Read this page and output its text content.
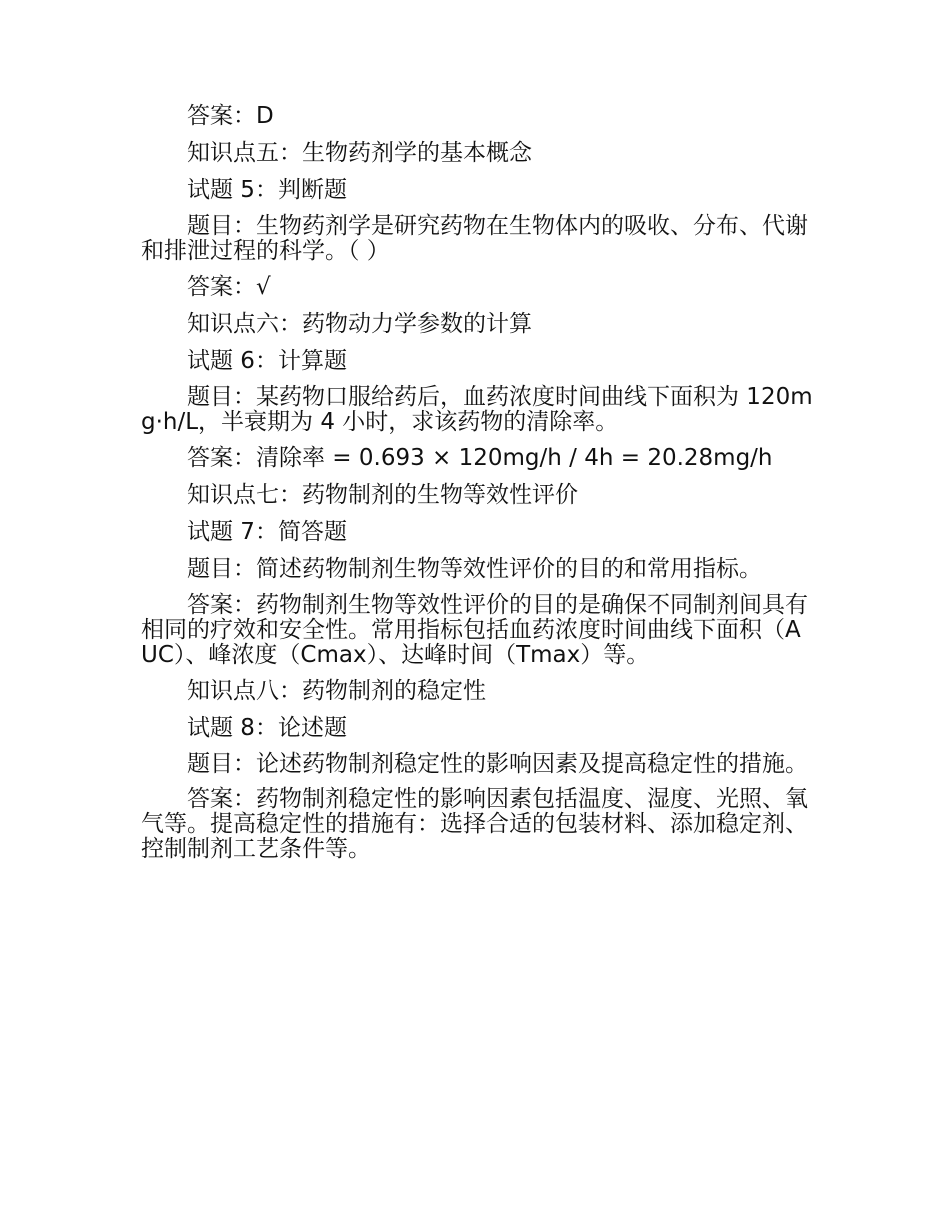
答案：D

知识点五：生物药剂学的基本概念

试题 5：判断题

题目：生物药剂学是研究药物在生物体内的吸收、分布、代谢和排泄过程的科学。（ ）

答案：√

知识点六：药物动力学参数的计算

试题 6：计算题

题目：某药物口服给药后，血药浓度时间曲线下面积为 120mg·h/L，半衰期为 4 小时，求该药物的清除率。

答案：清除率 = 0.693 × 120mg/h / 4h = 20.28mg/h

知识点七：药物制剂的生物等效性评价

试题 7：简答题

题目：简述药物制剂生物等效性评价的目的和常用指标。

答案：药物制剂生物等效性评价的目的是确保不同制剂间具有相同的疗效和安全性。常用指标包括血药浓度时间曲线下面积（AUC）、峰浓度（Cmax）、达峰时间（Tmax）等。

知识点八：药物制剂的稳定性

试题 8：论述题

题目：论述药物制剂稳定性的影响因素及提高稳定性的措施。

答案：药物制剂稳定性的影响因素包括温度、湿度、光照、氧气等。提高稳定性的措施有：选择合适的包装材料、添加稳定剂、控制制剂工艺条件等。
